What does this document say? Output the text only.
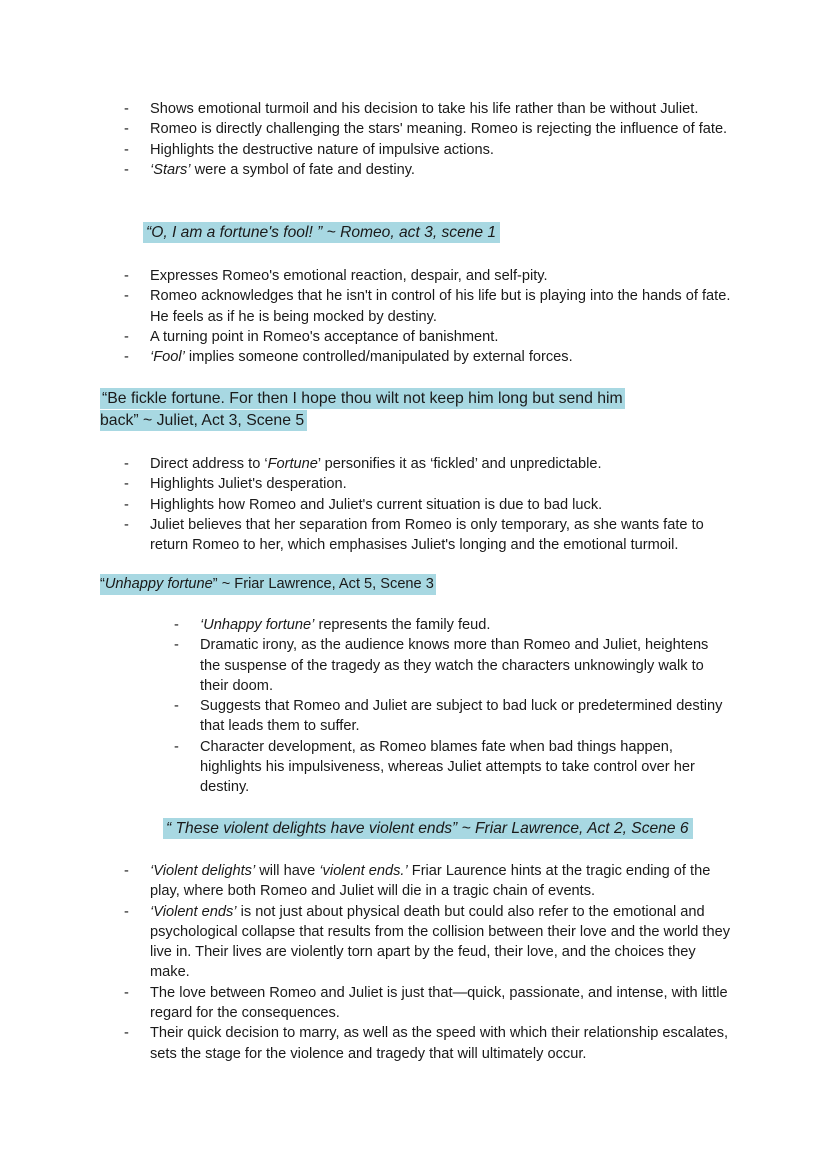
- Shows emotional turmoil and his decision to take his life rather than be without Juliet.
- Romeo is directly challenging the stars' meaning. Romeo is rejecting the influence of fate.
- Highlights the destructive nature of impulsive actions.
- ‘Stars’ were a symbol of fate and destiny.
“O, I am a fortune's fool! ” ~ Romeo, act 3, scene 1
- Expresses Romeo's emotional reaction, despair, and self-pity.
- Romeo acknowledges that he isn't in control of his life but is playing into the hands of fate. He feels as if he is being mocked by destiny.
- A turning point in Romeo's acceptance of banishment.
- ‘Fool’ implies someone controlled/manipulated by external forces.
“Be fickle fortune. For then I hope thou wilt not keep him long but send him
back” ~ Juliet, Act 3, Scene 5
- Direct address to ‘Fortune’ personifies it as ‘fickled’ and unpredictable.
- Highlights Juliet's desperation.
- Highlights how Romeo and Juliet's current situation is due to bad luck.
- Juliet believes that her separation from Romeo is only temporary, as she wants fate to return Romeo to her, which emphasises Juliet's longing and the emotional turmoil.
“Unhappy fortune” ~ Friar Lawrence, Act 5, Scene 3
- ‘Unhappy fortune’ represents the family feud.
- Dramatic irony, as the audience knows more than Romeo and Juliet, heightens the suspense of the tragedy as they watch the characters unknowingly walk to their doom.
- Suggests that Romeo and Juliet are subject to bad luck or predetermined destiny that leads them to suffer.
- Character development, as Romeo blames fate when bad things happen, highlights his impulsiveness, whereas Juliet attempts to take control over her destiny.
“ These violent delights have violent ends” ~ Friar Lawrence, Act 2, Scene 6
- ‘Violent delights’ will have ‘violent ends.’ Friar Laurence hints at the tragic ending of the play, where both Romeo and Juliet will die in a tragic chain of events.
- ‘Violent ends’ is not just about physical death but could also refer to the emotional and psychological collapse that results from the collision between their love and the world they live in. Their lives are violently torn apart by the feud, their love, and the choices they make.
- The love between Romeo and Juliet is just that—quick, passionate, and intense, with little regard for the consequences.
- Their quick decision to marry, as well as the speed with which their relationship escalates, sets the stage for the violence and tragedy that will ultimately occur.
